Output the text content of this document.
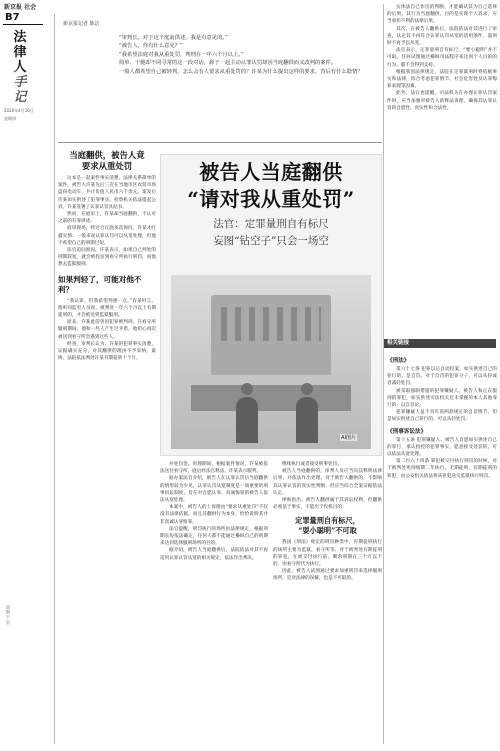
新京报 社会
B7
法
律
人
手
记
2020年4月16日
星期四
责编 于 贺
新京报记者 陈洁

“审判长，对于这个庭前供述，我是有意见的。”

“被告人，你有什么意见？”

“我希望法庭对我从重处罚，判刑在一年六个月以上。”

简单、干脆却不同寻常的这一段对话，源于一起主动认罪认罚却因当庭翻供而又改判的案件。

一般人都希望自己被轻判，怎么会有人要求从重处罚的？许某为什么提出这样的要求，背后有什么隐情？

当庭翻供，被告人竟
要求从重处罚

这本是一起案件事实清楚、法律关系简单的案件。被告人许某先后三次在当地市区农贸市场盗窃电动车，共计价值人民币六千余元。案发后许某如实供述了犯罪事实。检察机关依法提起公诉，许某签署了认罪认罚具结书。

然而，在庭审上，许某却当庭翻供，不认可之前的有罪供述。

庭审现场，经过合议庭多次询问，许某才吐露实情：一般来说认罪认罚可以从宽处理，但他不希望自己的刑期过短。

法官追问原因，许某表示，如果自己判处的刑期较短，就会被投送到看守所执行刑罚，而他想去监狱服刑。

如果判轻了，可能对他不利？

“我认罪，但我希望判重一点。”许某坦言，他听同监室人员说，被判处一年六个月以上有期徒刑的，才会被送到监狱服刑。

原来，许某此前曾因犯罪被判刑，在看守所服刑期间，他和一些人产生过矛盾，他担心再次被送到看守所会遇到这些人。

经查，审判长认为，许某的犯罪事实清楚，证据确实充分，对其翻供的理由不予采纳。最终，法院依法判处许某有期徒刑十个月。

被告人当庭翻供
“请对我从重处罚”
法官：定罪量刑自有标尺
妄图“钻空子”只会一场空
AI图片

并处罚金。审理期间，根据案件情况，许某被依法送往看守所，庭后经法官释法，许某表示服判。

据办案法官介绍，被告人在认罪认罚后当庭翻供的情形较为少见。认罪认罚从宽制度是一项重要的刑事诉讼制度，旨在对自愿认罪、真诚悔罪的被告人依法从宽处理。

本案中，被告人的上诉理由“要求从重处罚”不仅没有法律依据，而且其翻供行为本身，恰恰说明其并非真诚认罪悔罪。

法官提醒，刑罚执行的场所由法律规定，根据刑期长短依法确定，任何人都不能通过操纵自己的刑期来达到选择服刑场所的目的。

据介绍，被告人当庭翻供后，法院依法对其不再适用认罪认罚从宽的相关规定，依法作出判决。

继续执行或者接受刑事处罚。

被告人当庭翻供的，审判人员应当向其释明法律后果，并依法作出处理。对于被告人翻供的，不影响其认罪认罚的真实性判断，但应当综合全案证据依法认定。

律师指出，被告人翻供属于其诉讼权利，但翻供必须基于事实，不能出于投机目的。

定罪量刑自有标尺，
“耍小聪明”不可取

我国《刑法》规定的刑罚种类中，有期徒刑执行的场所主要为监狱、看守所等。对于被判处有期徒刑的罪犯，在被交付执行前，剩余刑期在三个月以下的，由看守所代为执行。

因此，被告人试图通过要求加重刑罚来选择服刑场所，是对法律的误解，也是不可取的。

实体法自己作出的判断，才能确认其为自己选择的后果。其行为当庭翻供，目的是实现个人诉求，应当承担不利的法律后果。

其次，在被告人翻供后，法院依法对其进行了审查，认定其不再符合认罪认罚从宽的适用条件，量刑时不再予以从宽。

法官表示，定罪量刑自有标尺，“要小聪明”并不可取。任何试图通过操纵司法程序来达到个人目的的行为，都不会得到支持。

根据我国法律规定，法院在定罪量刑时将依据事实和法律，综合考虑犯罪情节、社会危害性及认罪悔罪表现等因素。

此外，法官也提醒，司法机关在办理认罪认罚案件时，应当加强对被告人的释法说理，确保其认罪认罚的自愿性、真实性和合法性。

相关链接
《刑法》

第六十七条 犯罪以后自动投案，如实供述自己的罪行的，是自首。对于自首的犯罪分子，可以从轻或者减轻处罚。

被采取强制措施的犯罪嫌疑人、被告人和正在服刑的罪犯，如实供述司法机关还未掌握的本人其他罪行的，以自首论。

犯罪嫌疑人虽不具有前两款规定的自首情节，但是如实供述自己罪行的，可以从轻处罚。

《刑事诉讼法》

第十五条 犯罪嫌疑人、被告人自愿如实供述自己的罪行，承认指控的犯罪事实，愿意接受处罚的，可以依法从宽处理。

第二百六十四条 罪犯被交付执行刑罚的时候，对于被判处死刑缓期二年执行、无期徒刑、有期徒刑的罪犯，由公安机关依法将该罪犯送交监狱执行刑罚。
